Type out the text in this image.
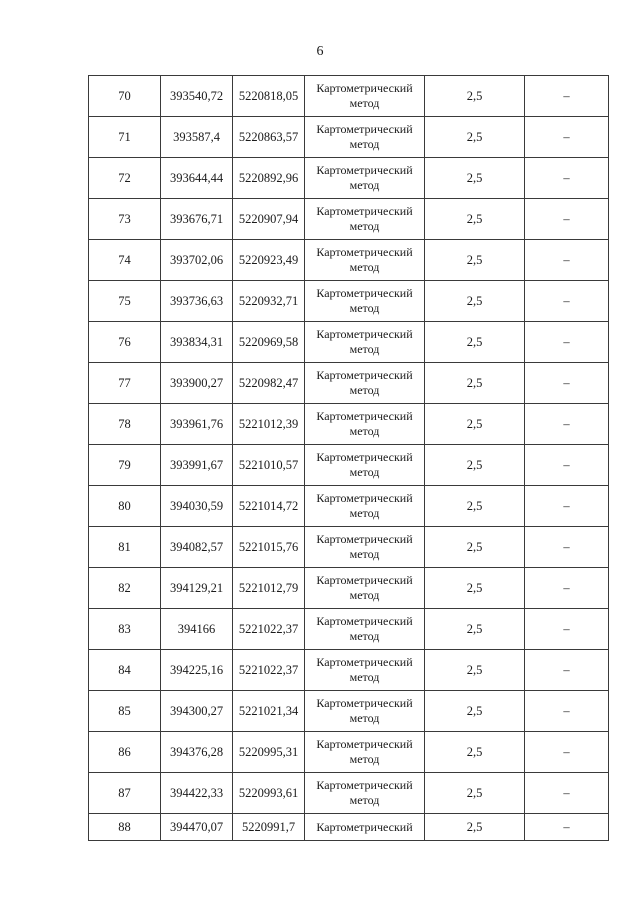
6
70	393540,72	5220818,05	Картометрический метод	2,5	–
71	393587,4	5220863,57	Картометрический метод	2,5	–
72	393644,44	5220892,96	Картометрический метод	2,5	–
73	393676,71	5220907,94	Картометрический метод	2,5	–
74	393702,06	5220923,49	Картометрический метод	2,5	–
75	393736,63	5220932,71	Картометрический метод	2,5	–
76	393834,31	5220969,58	Картометрический метод	2,5	–
77	393900,27	5220982,47	Картометрический метод	2,5	–
78	393961,76	5221012,39	Картометрический метод	2,5	–
79	393991,67	5221010,57	Картометрический метод	2,5	–
80	394030,59	5221014,72	Картометрический метод	2,5	–
81	394082,57	5221015,76	Картометрический метод	2,5	–
82	394129,21	5221012,79	Картометрический метод	2,5	–
83	394166	5221022,37	Картометрический метод	2,5	–
84	394225,16	5221022,37	Картометрический метод	2,5	–
85	394300,27	5221021,34	Картометрический метод	2,5	–
86	394376,28	5220995,31	Картометрический метод	2,5	–
87	394422,33	5220993,61	Картометрический метод	2,5	–
88	394470,07	5220991,7	Картометрический	2,5	–
